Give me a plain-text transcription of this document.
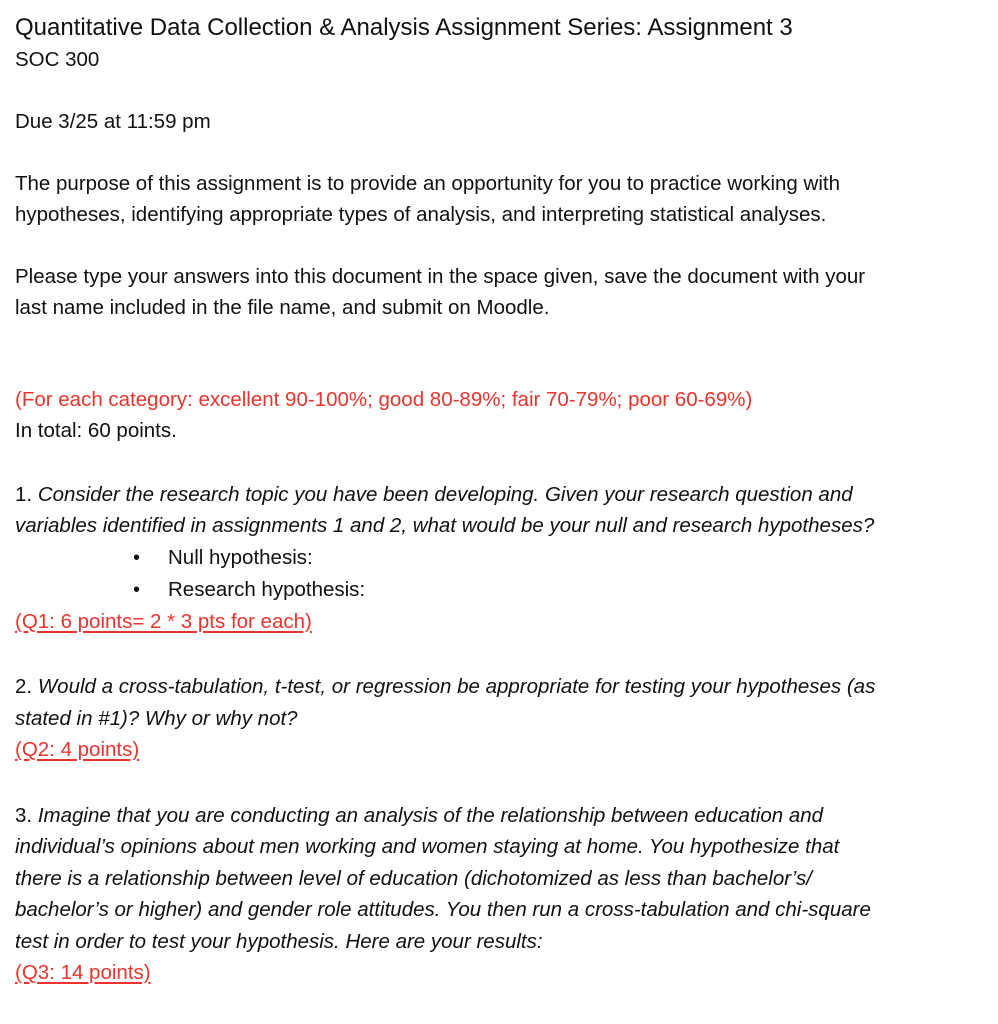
Quantitative Data Collection & Analysis Assignment Series: Assignment 3

SOC 300

Due 3/25 at 11:59 pm

The purpose of this assignment is to provide an opportunity for you to practice working with
hypotheses, identifying appropriate types of analysis, and interpreting statistical analyses.
Please type your answers into this document in the space given, save the document with your
last name included in the file name, and submit on Moodle.
(For each category: excellent 90-100%; good 80-89%; fair 70-79%; poor 60-69%)
In total: 60 points.
1. Consider the research topic you have been developing. Given your research question and
variables identified in assignments 1 and 2, what would be your null and research hypotheses?
• Null hypothesis:
• Research hypothesis:
(Q1: 6 points= 2 * 3 pts for each)
2. Would a cross-tabulation, t-test, or regression be appropriate for testing your hypotheses (as
stated in #1)? Why or why not?
(Q2: 4 points)
3. Imagine that you are conducting an analysis of the relationship between education and
individual’s opinions about men working and women staying at home. You hypothesize that
there is a relationship between level of education (dichotomized as less than bachelor’s/
bachelor’s or higher) and gender role attitudes. You then run a cross-tabulation and chi-square
test in order to test your hypothesis. Here are your results:
(Q3: 14 points)
